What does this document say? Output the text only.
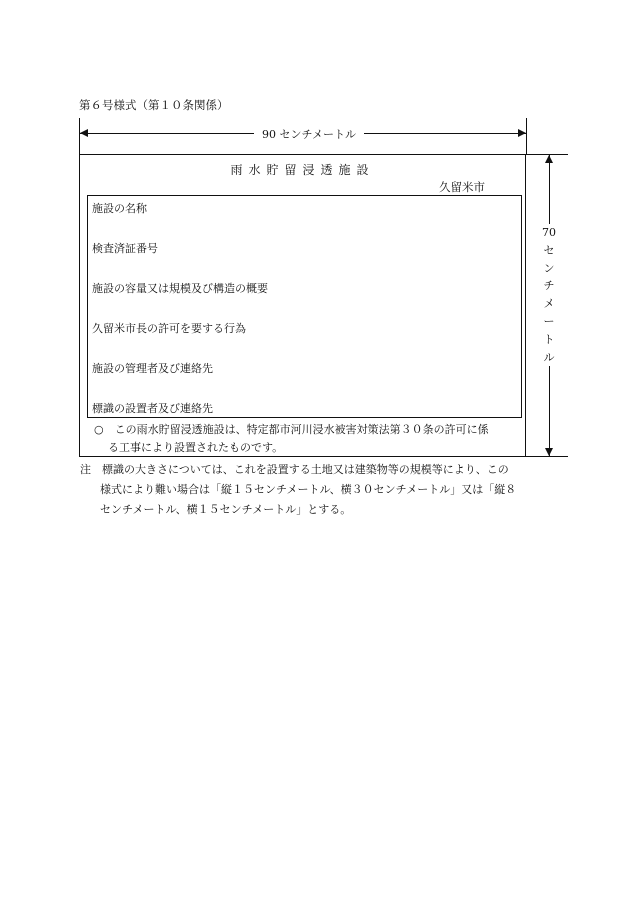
第６号様式（第１０条関係）
90 センチメートル
70
セ
ン
チ
メ
ー
ト
ル
雨水貯留浸透施設
久留米市
施設の名称
検査済証番号
施設の容量又は規模及び構造の概要
久留米市長の許可を要する行為
施設の管理者及び連絡先
標識の設置者及び連絡先
○　この雨水貯留浸透施設は、特定都市河川浸水被害対策法第３０条の許可に係
る工事により設置されたものです。
注　標識の大きさについては、これを設置する土地又は建築物等の規模等により、この
様式により難い場合は「縦１５センチメートル、横３０センチメートル」又は「縦８
センチメートル、横１５センチメートル」とする。
